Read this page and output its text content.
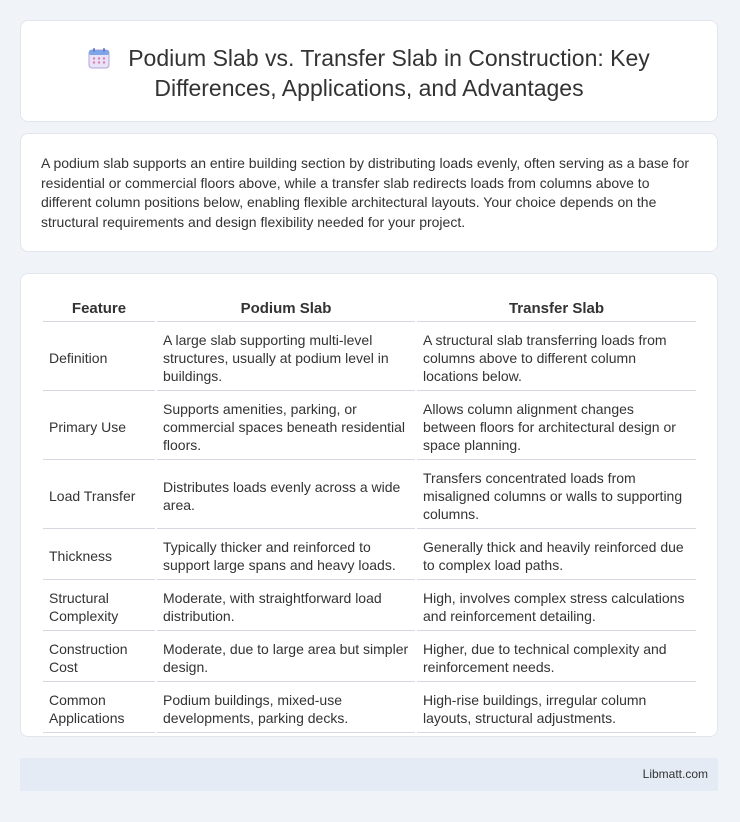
Podium Slab vs. Transfer Slab in Construction: Key
Differences, Applications, and Advantages

A podium slab supports an entire building section by distributing loads evenly, often serving as a base for residential or commercial floors above, while a transfer slab redirects loads from columns above to different column positions below, enabling flexible architectural layouts. Your choice depends on the structural requirements and design flexibility needed for your project.

Feature	Podium Slab	Transfer Slab
Definition	A large slab supporting multi-level structures, usually at podium level in buildings.	A structural slab transferring loads from columns above to different column locations below.
Primary Use	Supports amenities, parking, or commercial spaces beneath residential floors.	Allows column alignment changes between floors for architectural design or space planning.
Load Transfer	Distributes loads evenly across a wide area.	Transfers concentrated loads from misaligned columns or walls to supporting columns.
Thickness	Typically thicker and reinforced to support large spans and heavy loads.	Generally thick and heavily reinforced due to complex load paths.
Structural Complexity	Moderate, with straightforward load distribution.	High, involves complex stress calculations and reinforcement detailing.
Construction Cost	Moderate, due to large area but simpler design.	Higher, due to technical complexity and reinforcement needs.
Common Applications	Podium buildings, mixed-use developments, parking decks.	High-rise buildings, irregular column layouts, structural adjustments.
Libmatt.com
